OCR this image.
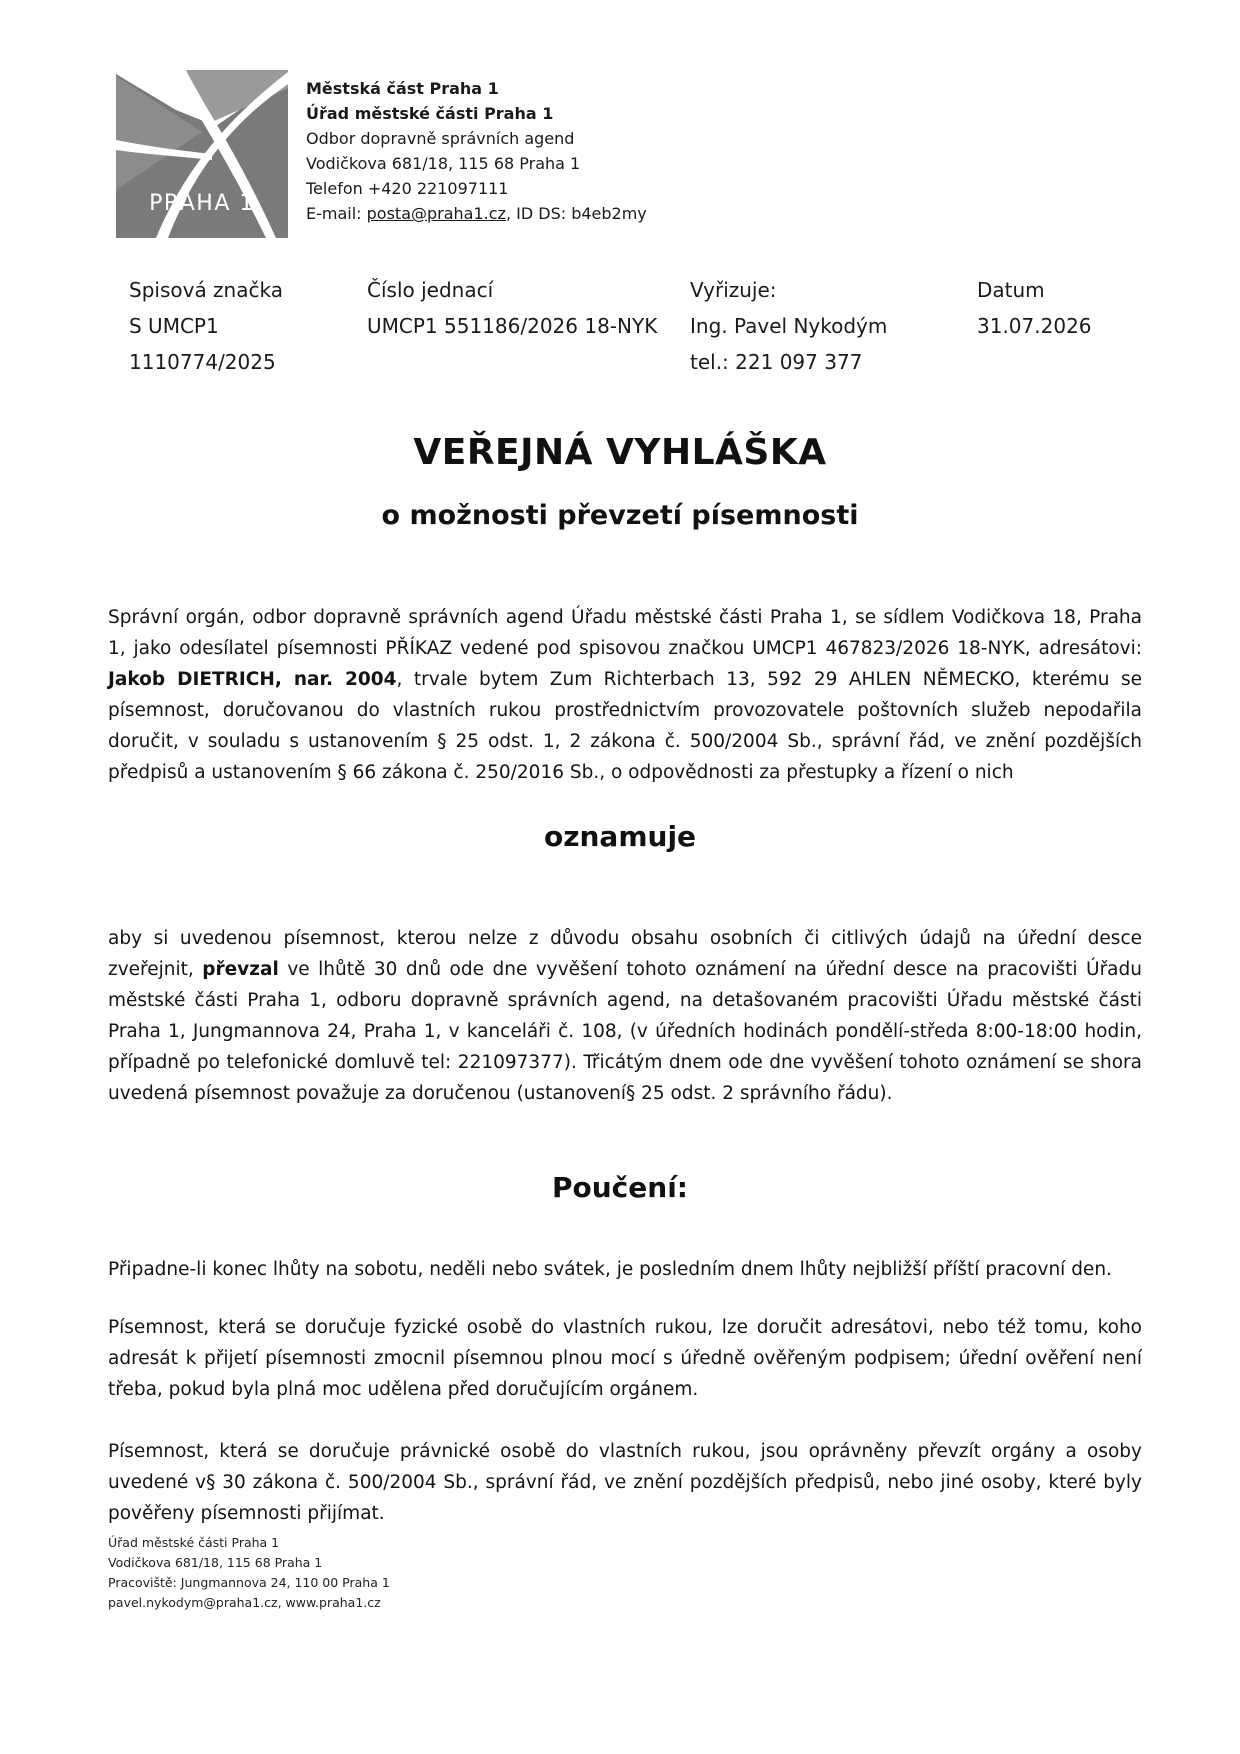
PRAHA 1
Městská část Praha 1
Úřad městské části Praha 1
Odbor dopravně správních agend
Vodičkova 681/18, 115 68 Praha 1
Telefon +420 221097111
E-mail: posta@praha1.cz, ID DS: b4eb2my
Spisová značka
S UMCP1
1110774/2025
Číslo jednací
UMCP1 551186/2026 18-NYK
Vyřizuje:
Ing. Pavel Nykodým
tel.: 221 097 377
Datum
31.07.2026
VEŘEJNÁ VYHLÁŠKA
o možnosti převzetí písemnosti
Správní orgán, odbor dopravně správních agend Úřadu městské části Praha 1, se sídlem Vodičkova 18, Praha 1, jako odesílatel písemnosti PŘÍKAZ vedené pod spisovou značkou UMCP1 467823/2026 18-NYK, adresátovi: Jakob DIETRICH, nar. 2004, trvale bytem Zum Richterbach 13, 592 29 AHLEN NĚMECKO, kterému se písemnost, doručovanou do vlastních rukou prostřednictvím provozovatele poštovních služeb nepodařila doručit, v souladu s ustanovením § 25 odst. 1, 2 zákona č. 500/2004 Sb., správní řád, ve znění pozdějších předpisů a ustanovením § 66 zákona č. 250/2016 Sb., o odpovědnosti za přestupky a řízení o nich
oznamuje
aby si uvedenou písemnost, kterou nelze z důvodu obsahu osobních či citlivých údajů na úřední desce zveřejnit, převzal ve lhůtě 30 dnů ode dne vyvěšení tohoto oznámení na úřední desce na pracovišti Úřadu městské části Praha 1, odboru dopravně správních agend, na detašovaném pracovišti Úřadu městské části Praha 1, Jungmannova 24, Praha 1, v kanceláři č. 108, (v úředních hodinách pondělí-středa 8:00-18:00 hodin, případně po telefonické domluvě tel: 221097377). Třicátým dnem ode dne vyvěšení tohoto oznámení se shora uvedená písemnost považuje za doručenou (ustanovení§ 25 odst. 2 správního řádu).
Poučení:
Připadne-li konec lhůty na sobotu, neděli nebo svátek, je posledním dnem lhůty nejbližší příští pracovní den.
Písemnost, která se doručuje fyzické osobě do vlastních rukou, lze doručit adresátovi, nebo též tomu, koho adresát k přijetí písemnosti zmocnil písemnou plnou mocí s úředně ověřeným podpisem; úřední ověření není třeba, pokud byla plná moc udělena před doručujícím orgánem.
Písemnost, která se doručuje právnické osobě do vlastních rukou, jsou oprávněny převzít orgány a osoby uvedené v§ 30 zákona č. 500/2004 Sb., správní řád, ve znění pozdějších předpisů, nebo jiné osoby, které byly pověřeny písemnosti přijímat.
Úřad městské části Praha 1
Vodičkova 681/18, 115 68 Praha 1
Pracoviště: Jungmannova 24, 110 00 Praha 1
pavel.nykodym@praha1.cz, www.praha1.cz
